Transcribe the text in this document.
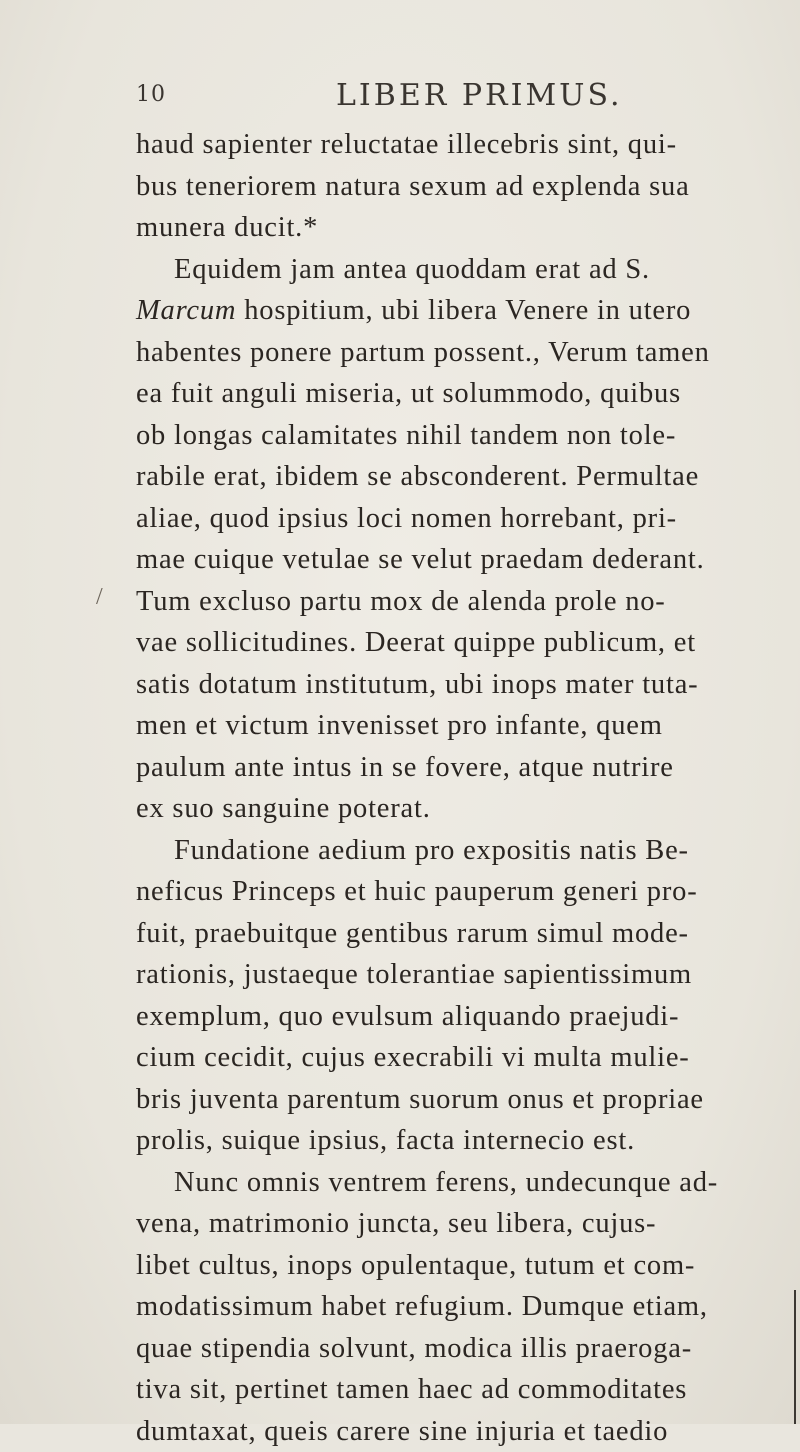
10	LIBER PRIMUS.
haud sapienter reluctatae illecebris sint, qui-
bus teneriorem natura sexum ad explenda sua
munera ducit.*
Equidem jam antea quoddam erat ad S.
Marcum hospitium, ubi libera Venere in utero
habentes ponere partum possent., Verum tamen
ea fuit anguli miseria, ut solummodo, quibus
ob longas calamitates nihil tandem non tole-
rabile erat, ibidem se absconderent. Permultae
aliae, quod ipsius loci nomen horrebant, pri-
mae cuique vetulae se velut praedam dederant.
Tum excluso partu mox de alenda prole no-
vae sollicitudines. Deerat quippe publicum, et
satis dotatum institutum, ubi inops mater tuta-
men et victum invenisset pro infante, quem
paulum ante intus in se fovere, atque nutrire
ex suo sanguine poterat.
Fundatione aedium pro expositis natis Be-
neficus Princeps et huic pauperum generi pro-
fuit, praebuitque gentibus rarum simul mode-
rationis, justaeque tolerantiae sapientissimum
exemplum, quo evulsum aliquando praejudi-
cium cecidit, cujus execrabili vi multa mulie-
bris juventa parentum suorum onus et propriae
prolis, suique ipsius, facta internecio est.
Nunc omnis ventrem ferens, undecunque ad-
vena, matrimonio juncta, seu libera, cujus-
libet cultus, inops opulentaque, tutum et com-
modatissimum habet refugium. Dumque etiam,
quae stipendia solvunt, modica illis praeroga-
tiva sit, pertinet tamen haec ad commoditates
dumtaxat, queis carere sine injuria et taedio
/
